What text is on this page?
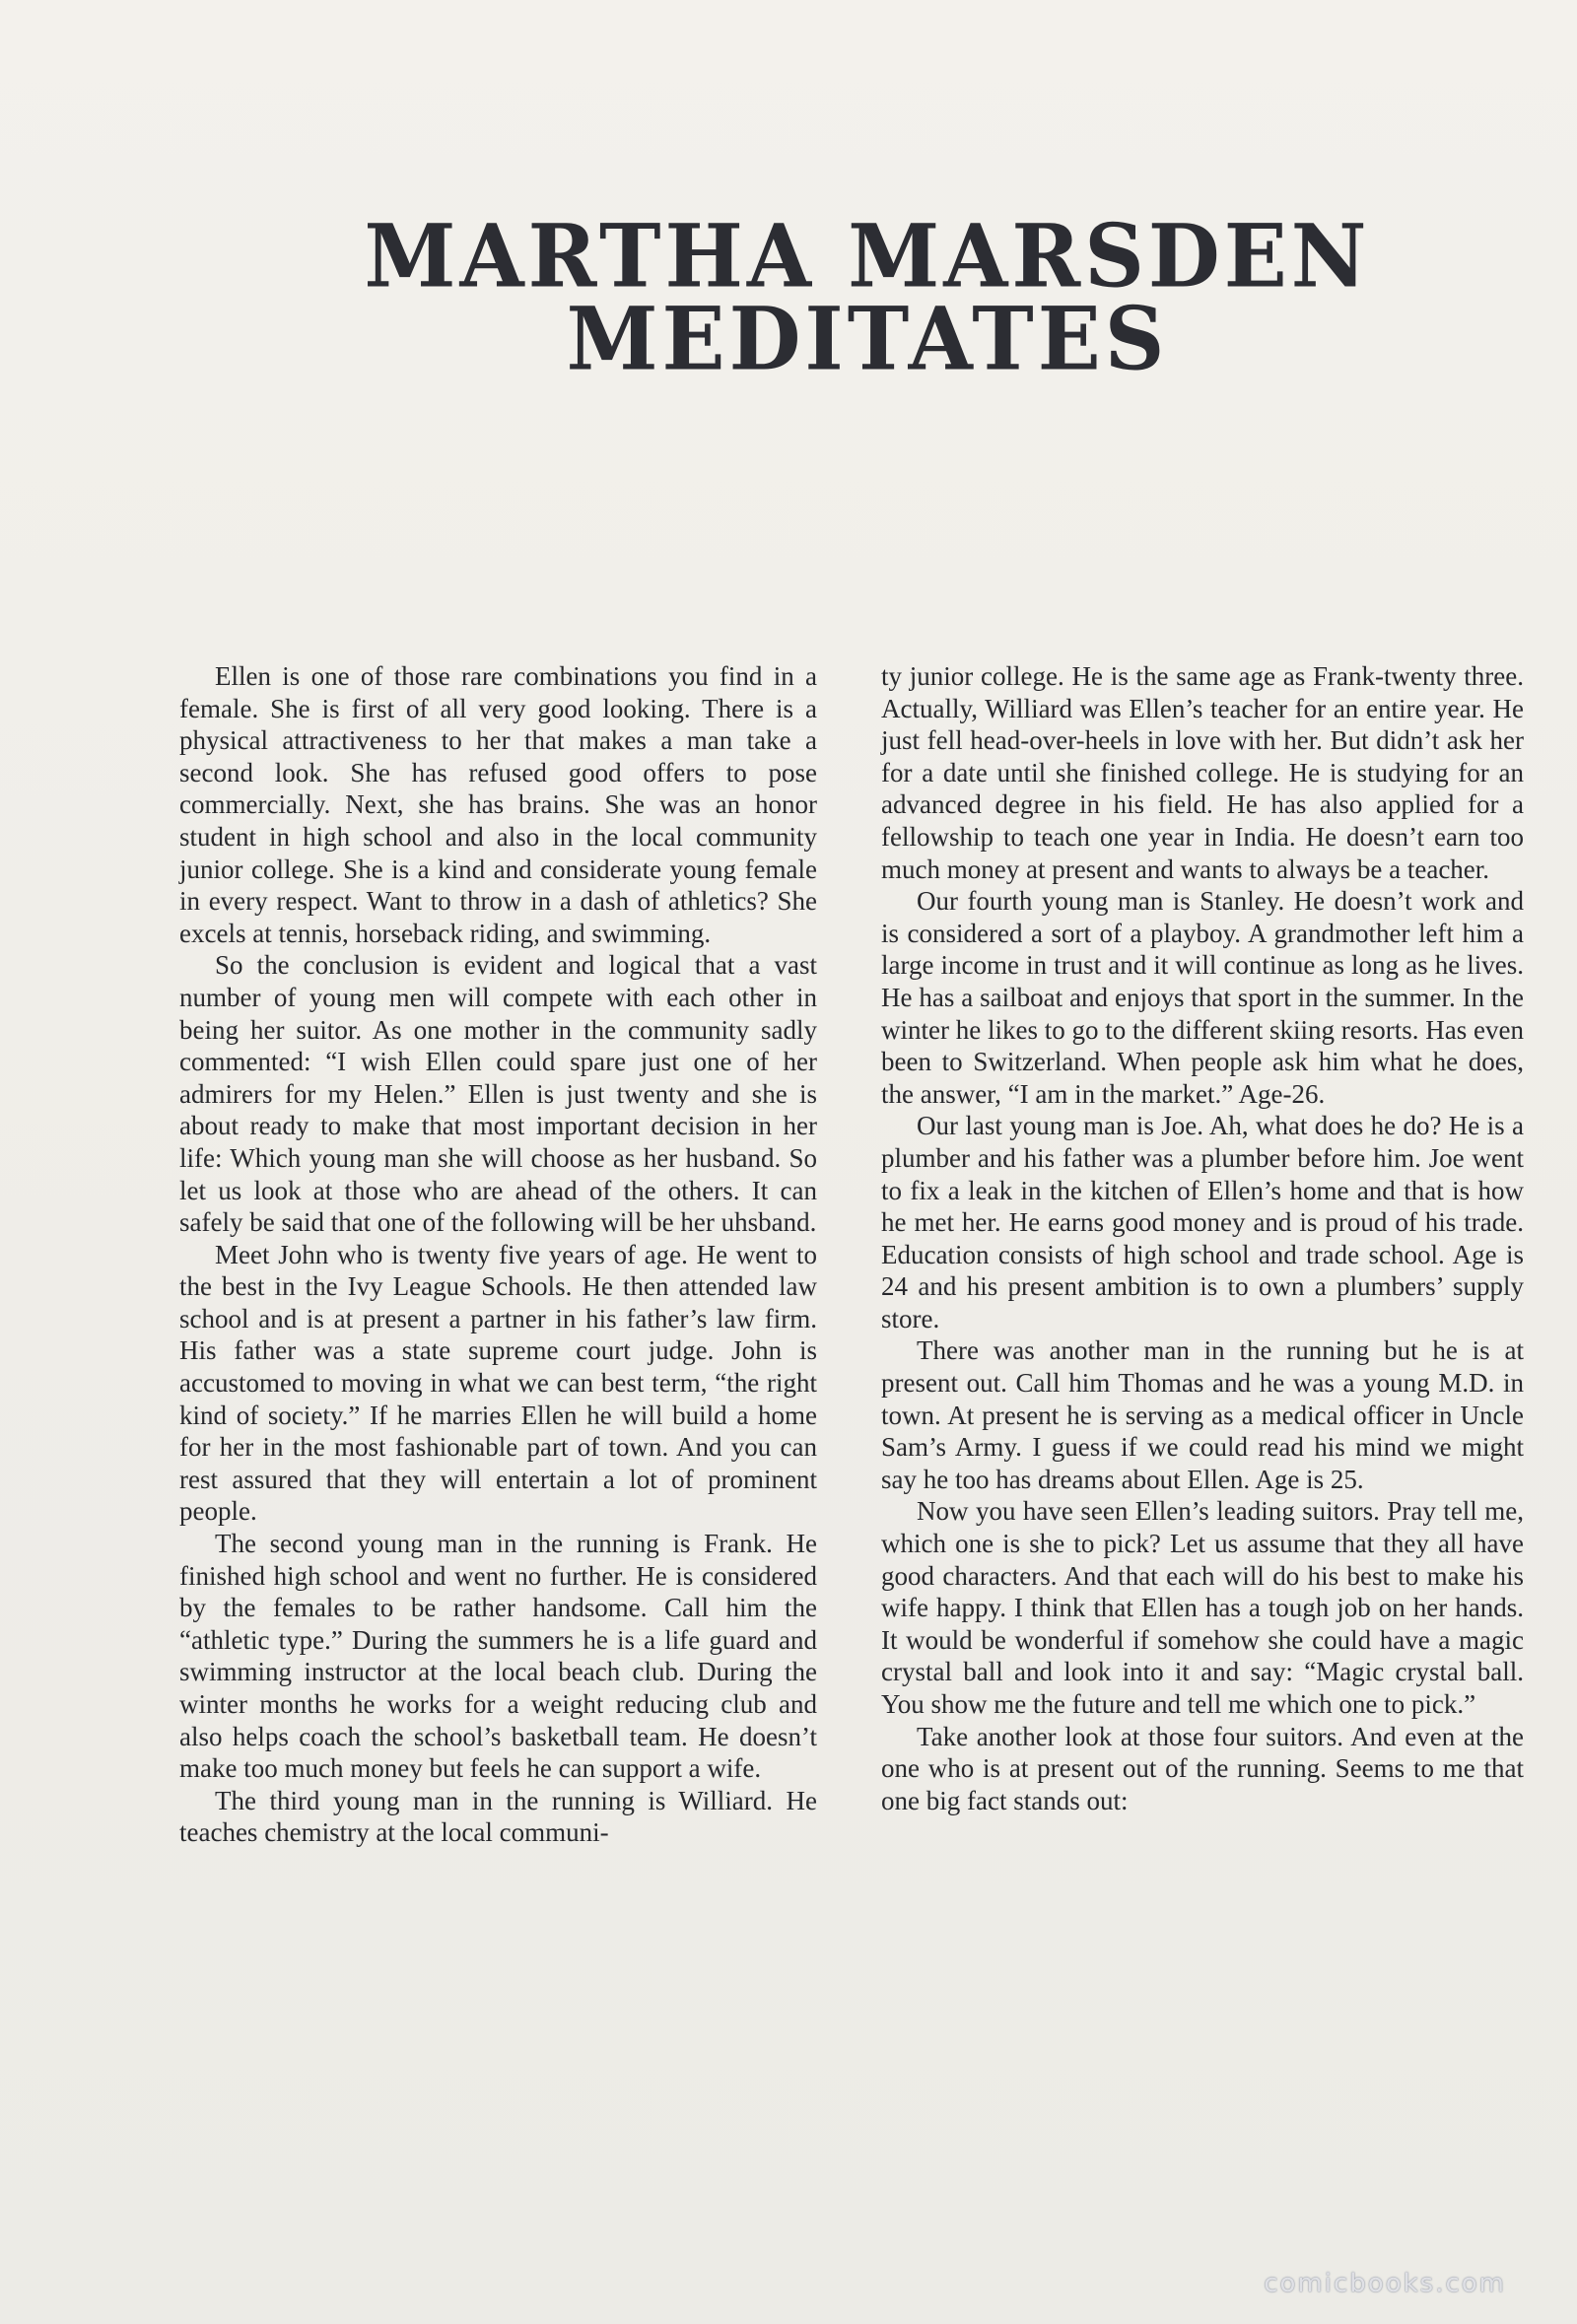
MARTHA MARSDEN
MEDITATES

Ellen is one of those rare combinations you find in a female. She is first of all very good looking. There is a physical attractiveness to her that makes a man take a second look. She has refused good offers to pose commercially. Next, she has brains. She was an honor student in high school and also in the local community junior college. She is a kind and considerate young female in every respect. Want to throw in a dash of athletics? She excels at tennis, horseback riding, and swimming.

So the conclusion is evident and logical that a vast number of young men will compete with each other in being her suitor. As one mother in the community sadly commented: “I wish Ellen could spare just one of her admirers for my Helen.” Ellen is just twenty and she is about ready to make that most important decision in her life: Which young man she will choose as her husband. So let us look at those who are ahead of the others. It can safely be said that one of the following will be her uhsband.

Meet John who is twenty five years of age. He went to the best in the Ivy League Schools. He then attended law school and is at present a partner in his father’s law firm. His father was a state supreme court judge. John is accustomed to moving in what we can best term, “the right kind of society.” If he marries Ellen he will build a home for her in the most fashionable part of town. And you can rest assured that they will entertain a lot of prominent people.

The second young man in the running is Frank. He finished high school and went no further. He is considered by the females to be rather handsome. Call him the “athletic type.” During the summers he is a life guard and swimming instructor at the local beach club. During the winter months he works for a weight reducing club and also helps coach the school’s basketball team. He doesn’t make too much money but feels he can support a wife.

The third young man in the running is Williard. He teaches chemistry at the local communi-

ty junior college. He is the same age as Frank-twenty three. Actually, Williard was Ellen’s teacher for an entire year. He just fell head-over-heels in love with her. But didn’t ask her for a date until she finished college. He is studying for an advanced degree in his field. He has also applied for a fellowship to teach one year in India. He doesn’t earn too much money at present and wants to always be a teacher.

Our fourth young man is Stanley. He doesn’t work and is considered a sort of a playboy. A grandmother left him a large income in trust and it will continue as long as he lives. He has a sailboat and enjoys that sport in the summer. In the winter he likes to go to the different skiing resorts. Has even been to Switzerland. When people ask him what he does, the answer, “I am in the market.” Age-26.

Our last young man is Joe. Ah, what does he do? He is a plumber and his father was a plumber before him. Joe went to fix a leak in the kitchen of Ellen’s home and that is how he met her. He earns good money and is proud of his trade. Education consists of high school and trade school. Age is 24 and his present ambition is to own a plumbers’ supply store.

There was another man in the running but he is at present out. Call him Thomas and he was a young M.D. in town. At present he is serving as a medical officer in Uncle Sam’s Army. I guess if we could read his mind we might say he too has dreams about Ellen. Age is 25.

Now you have seen Ellen’s leading suitors. Pray tell me, which one is she to pick? Let us assume that they all have good characters. And that each will do his best to make his wife happy. I think that Ellen has a tough job on her hands. It would be wonderful if somehow she could have a magic crystal ball and look into it and say: “Magic crystal ball. You show me the future and tell me which one to pick.”

Take another look at those four suitors. And even at the one who is at present out of the running. Seems to me that one big fact stands out:

comicbooks.com
